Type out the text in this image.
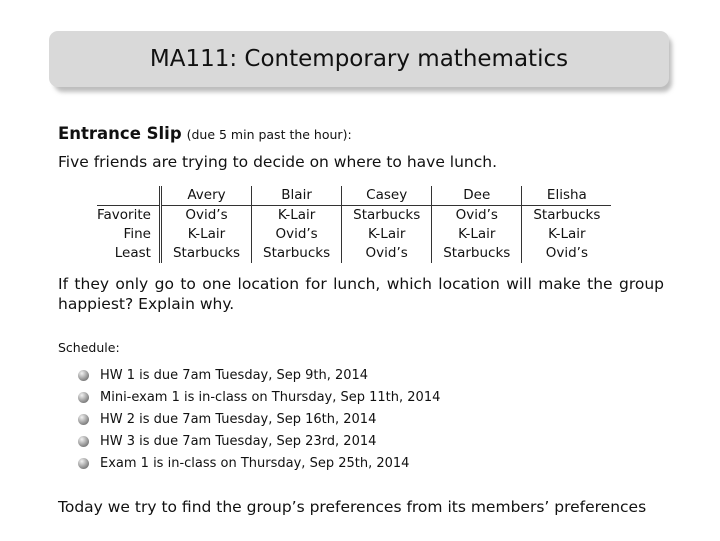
MA111: Contemporary mathematics
Entrance Slip (due 5 min past the hour):
Five friends are trying to decide on where to have lunch.
	Avery	Blair	Casey	Dee	Elisha
Favorite	Ovid’s	K-Lair	Starbucks	Ovid’s	Starbucks
Fine	K-Lair	Ovid’s	K-Lair	K-Lair	K-Lair
Least	Starbucks	Starbucks	Ovid’s	Starbucks	Ovid’s
If they only go to one location for lunch, which location will make the group happiest? Explain why.
Schedule:
HW 1 is due 7am Tuesday, Sep 9th, 2014
Mini-exam 1 is in-class on Thursday, Sep 11th, 2014
HW 2 is due 7am Tuesday, Sep 16th, 2014
HW 3 is due 7am Tuesday, Sep 23rd, 2014
Exam 1 is in-class on Thursday, Sep 25th, 2014
Today we try to find the group’s preferences from its members’ preferences
